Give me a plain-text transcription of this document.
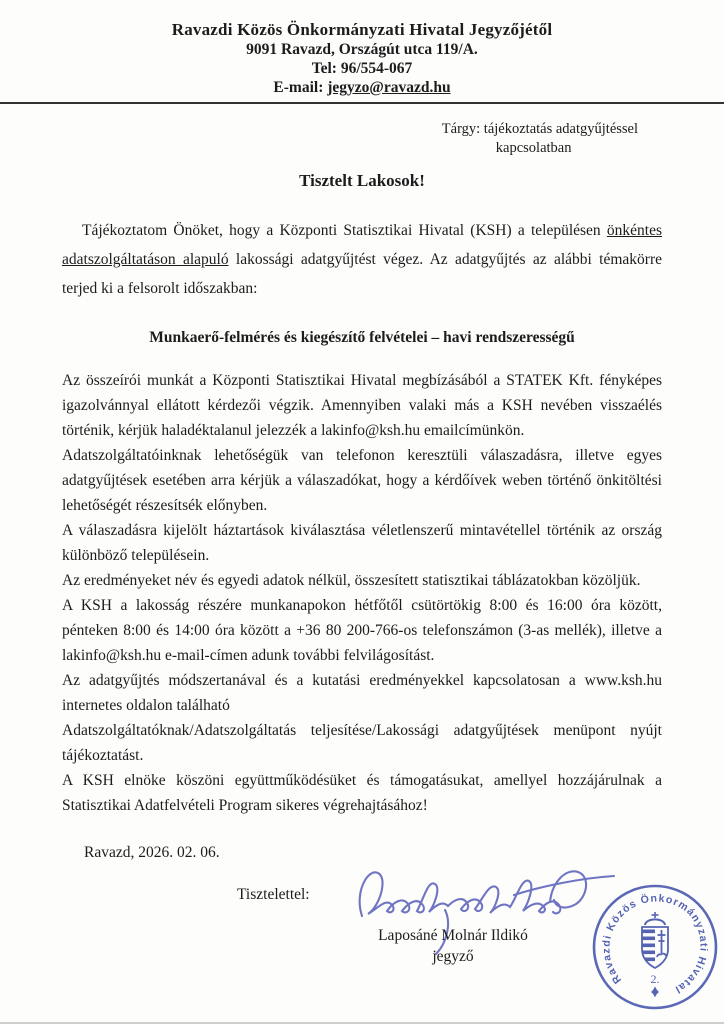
Ravazdi Közös Önkormányzati Hivatal Jegyzőjétől
9091 Ravazd, Országút utca 119/A.
Tel: 96/554-067
E-mail: jegyzo@ravazd.hu
Tárgy: tájékoztatás adatgyűjtéssel
kapcsolatban
Tisztelt Lakosok!
Tájékoztatom Önöket, hogy a Központi Statisztikai Hivatal (KSH) a településen önkéntes adatszolgáltatáson alapuló lakossági adatgyűjtést végez. Az adatgyűjtés az alábbi témakörre terjed ki a felsorolt időszakban:
Munkaerő-felmérés és kiegészítő felvételei – havi rendszerességű

Az összeírói munkát a Központi Statisztikai Hivatal megbízásából a STATEK Kft. fényképes igazolvánnyal ellátott kérdezői végzik. Amennyiben valaki más a KSH nevében visszaélés történik, kérjük haladéktalanul jelezzék a lakinfo@ksh.hu emailcímünkön.

Adatszolgáltatóinknak lehetőségük van telefonon keresztüli válaszadásra, illetve egyes adatgyűjtések esetében arra kérjük a válaszadókat, hogy a kérdőívek weben történő önkitöltési lehetőségét részesítsék előnyben.

A válaszadásra kijelölt háztartások kiválasztása véletlenszerű mintavétellel történik az ország különböző településein.

Az eredményeket név és egyedi adatok nélkül, összesített statisztikai táblázatokban közöljük.

A KSH a lakosság részére munkanapokon hétfőtől csütörtökig 8:00 és 16:00 óra között, pénteken 8:00 és 14:00 óra között a +36 80 200-766-os telefonszámon (3-as mellék), illetve a lakinfo@ksh.hu e-mail-címen adunk további felvilágosítást.

Az adatgyűjtés módszertanával és a kutatási eredményekkel kapcsolatosan a www.ksh.hu internetes oldalon található

Adatszolgáltatóknak/Adatszolgáltatás teljesítése/Lakossági adatgyűjtések menüpont nyújt tájékoztatást.

A KSH elnöke köszöni együttműködésüket és támogatásukat, amellyel hozzájárulnak a Statisztikai Adatfelvételi Program sikeres végrehajtásához!

Ravazd, 2026. 02. 06.
Tisztelettel:
Ravazdi Közös Önkormányzati Hivatal
2.
Laposáné Molnár Ildikó
jegyző
